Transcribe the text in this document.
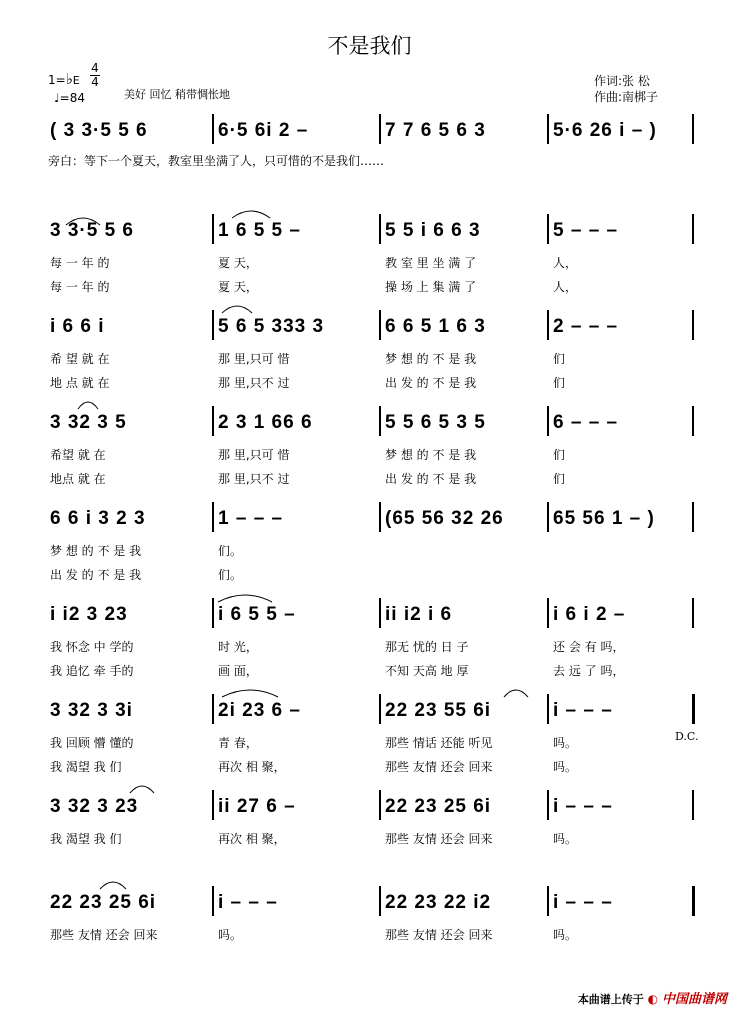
不是我们
1=♭E
4
4
♩=84	美好 回忆 稍带惆怅地
作词:张 松
作曲:南梆子
( 3 3·5 5 6	6·5 6i 2 –	7 7 6 5 6 3	5·6 26 i – )
旁白：等下一个夏天，教室里坐满了人，只可惜的不是我们……
3 3·5 5 6	1 6 5 5 –	5 5 i 6 6 3	5 – – –
每 一 年 的	夏 天，	教 室 里 坐 满 了	人，
每 一 年 的	夏 天，	操 场 上 集 满 了	人，
i 6 6 i	5 6 5 333 3	6 6 5 1 6 3	2 – – –
希 望 就 在	那 里,只可 惜	梦 想 的 不 是 我	们
地 点 就 在	那 里,只不 过	出 发 的 不 是 我	们
3 32 3 5	2 3 1 66 6	5 5 6 5 3 5	6 – – –
希望 就 在	那 里,只可 惜	梦 想 的 不 是 我	们
地点 就 在	那 里,只不 过	出 发 的 不 是 我	们
6 6 i 3 2 3	1 – – –	(65 56 32 26	65 56 1 – )
梦 想 的 不 是 我	们。
出 发 的 不 是 我	们。
i i2 3 23	i 6 5 5 –	ii i2 i 6	i 6 i 2 –
我 怀念 中 学的	时 光，	那无 忧的 日 子	还 会 有 吗，
我 追忆 牵 手的	画 面，	不知 天高 地 厚	去 远 了 吗，
3 32 3 3i	2i 23 6 –	22 23 55 6i	i – – –
我 回顾 懵 懂的	青 春，	那些 情话 还能 听见	吗。
我 渴望 我 们	再次 相 聚，	那些 友情 还会 回来	吗。
D.C.
3 32 3 23	ii 27 6 –	22 23 25 6i	i – – –
我 渴望 我 们	再次 相 聚，	那些 友情 还会 回来	吗。
22 23 25 6i	i – – –	22 23 22 i2	i – – –
那些 友情 还会 回来	吗。	那些 友情 还会 回来	吗。
本曲谱上传于 ◐ 中国曲谱网
